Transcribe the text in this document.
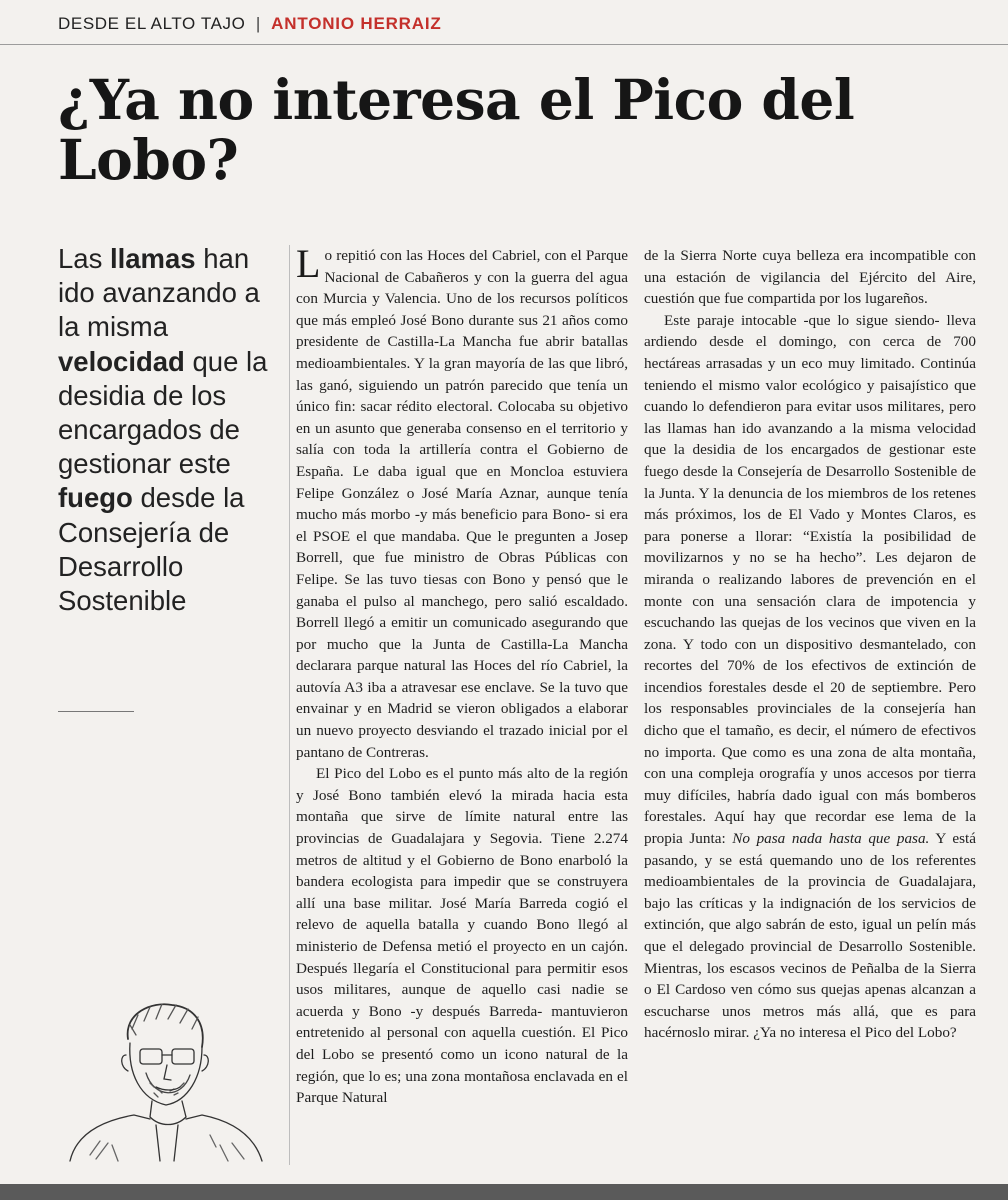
DESDE EL ALTO TAJO | ANTONIO HERRAIZ
¿Ya no interesa el Pico del Lobo?
Las llamas han ido avanzando a la misma velocidad que la desidia de los encargados de gestionar este fuego desde la Consejería de Desarrollo Sostenible

Lo repitió con las Hoces del Cabriel, con el Parque Nacional de Cabañeros y con la guerra del agua con Murcia y Valencia. Uno de los recursos políticos que más empleó José Bono durante sus 21 años como presidente de Castilla-La Mancha fue abrir batallas medioambientales. Y la gran mayoría de las que libró, las ganó, siguiendo un patrón parecido que tenía un único fin: sacar rédito electoral. Colocaba su objetivo en un asunto que generaba consenso en el territorio y salía con toda la artillería contra el Gobierno de España. Le daba igual que en Moncloa estuviera Felipe González o José María Aznar, aunque tenía mucho más morbo -y más beneficio para Bono- si era el PSOE el que mandaba. Que le pregunten a Josep Borrell, que fue ministro de Obras Públicas con Felipe. Se las tuvo tiesas con Bono y pensó que le ganaba el pulso al manchego, pero salió escaldado. Borrell llegó a emitir un comunicado asegurando que por mucho que la Junta de Castilla-La Mancha declarara parque natural las Hoces del río Cabriel, la autovía A3 iba a atravesar ese enclave. Se la tuvo que envainar y en Madrid se vieron obligados a elaborar un nuevo proyecto desviando el trazado inicial por el pantano de Contreras.

El Pico del Lobo es el punto más alto de la región y José Bono también elevó la mirada hacia esta montaña que sirve de límite natural entre las provincias de Guadalajara y Segovia. Tiene 2.274 metros de altitud y el Gobierno de Bono enarboló la bandera ecologista para impedir que se construyera allí una base militar. José María Barreda cogió el relevo de aquella batalla y cuando Bono llegó al ministerio de Defensa metió el proyecto en un cajón. Después llegaría el Constitucional para permitir esos usos militares, aunque de aquello casi nadie se acuerda y Bono -y después Barreda- mantuvieron entretenido al personal con aquella cuestión. El Pico del Lobo se presentó como un icono natural de la región, que lo es; una zona montañosa enclavada en el Parque Natural

de la Sierra Norte cuya belleza era incompatible con una estación de vigilancia del Ejército del Aire, cuestión que fue compartida por los lugareños.

Este paraje intocable -que lo sigue siendo- lleva ardiendo desde el domingo, con cerca de 700 hectáreas arrasadas y un eco muy limitado. Continúa teniendo el mismo valor ecológico y paisajístico que cuando lo defendieron para evitar usos militares, pero las llamas han ido avanzando a la misma velocidad que la desidia de los encargados de gestionar este fuego desde la Consejería de Desarrollo Sostenible de la Junta. Y la denuncia de los miembros de los retenes más próximos, los de El Vado y Montes Claros, es para ponerse a llorar: “Existía la posibilidad de movilizarnos y no se ha hecho”. Les dejaron de miranda o realizando labores de prevención en el monte con una sensación clara de impotencia y escuchando las quejas de los vecinos que viven en la zona. Y todo con un dispositivo desmantelado, con recortes del 70% de los efectivos de extinción de incendios forestales desde el 20 de septiembre. Pero los responsables provinciales de la consejería han dicho que el tamaño, es decir, el número de efectivos no importa. Que como es una zona de alta montaña, con una compleja orografía y unos accesos por tierra muy difíciles, habría dado igual con más bomberos forestales. Aquí hay que recordar ese lema de la propia Junta: No pasa nada hasta que pasa. Y está pasando, y se está quemando uno de los referentes medioambientales de la provincia de Guadalajara, bajo las críticas y la indignación de los servicios de extinción, que algo sabrán de esto, igual un pelín más que el delegado provincial de Desarrollo Sostenible. Mientras, los escasos vecinos de Peñalba de la Sierra o El Cardoso ven cómo sus quejas apenas alcanzan a escucharse unos metros más allá, que es para hacérnoslo mirar. ¿Ya no interesa el Pico del Lobo?
